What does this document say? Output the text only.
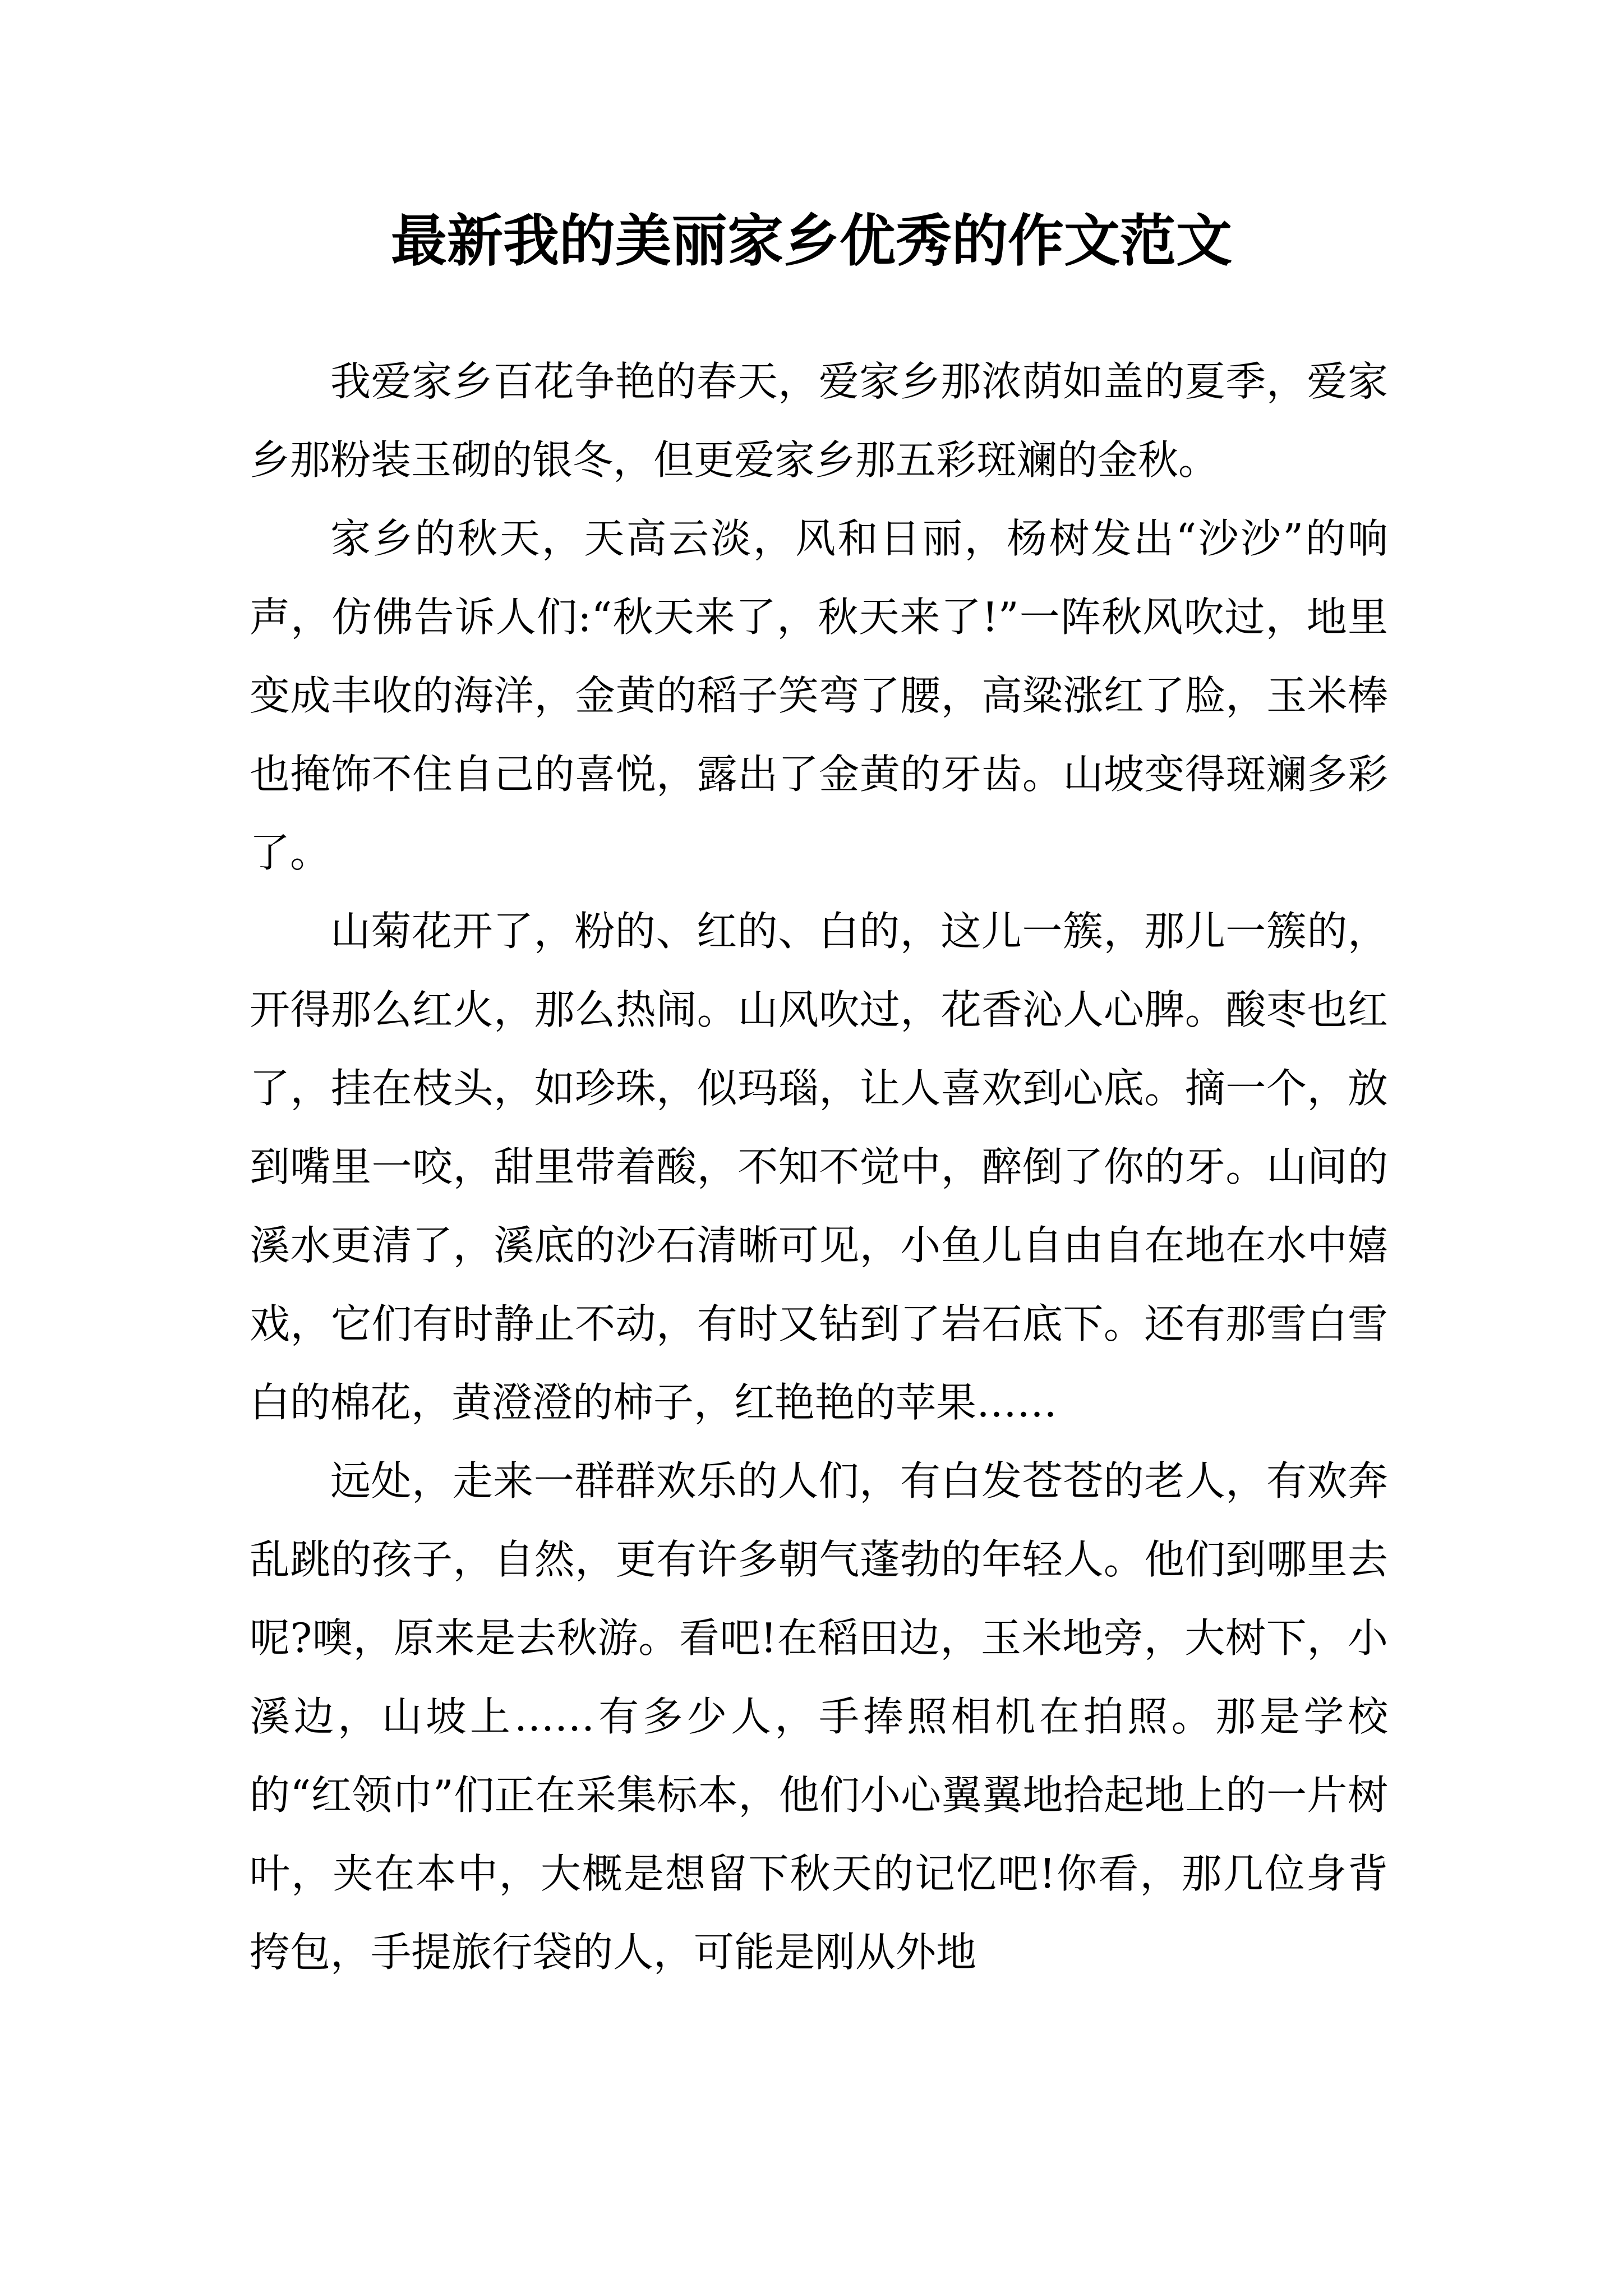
最新我的美丽家乡优秀的作文范文

我爱家乡百花争艳的春天，爱家乡那浓荫如盖的夏季，爱家乡那粉装玉砌的银冬，但更爱家乡那五彩斑斓的金秋。

家乡的秋天，天高云淡，风和日丽，杨树发出“沙沙”的响声，仿佛告诉人们:“秋天来了，秋天来了!”一阵秋风吹过，地里变成丰收的海洋，金黄的稻子笑弯了腰，高粱涨红了脸，玉米棒也掩饰不住自己的喜悦，露出了金黄的牙齿。山坡变得斑斓多彩了。

山菊花开了，粉的、红的、白的，这儿一簇，那儿一簇的，开得那么红火，那么热闹。山风吹过，花香沁人心脾。酸枣也红了，挂在枝头，如珍珠，似玛瑙，让人喜欢到心底。摘一个，放到嘴里一咬，甜里带着酸，不知不觉中，醉倒了你的牙。山间的溪水更清了，溪底的沙石清晰可见，小鱼儿自由自在地在水中嬉戏，它们有时静止不动，有时又钻到了岩石底下。还有那雪白雪白的棉花，黄澄澄的柿子，红艳艳的苹果……

远处，走来一群群欢乐的人们，有白发苍苍的老人，有欢奔乱跳的孩子，自然，更有许多朝气蓬勃的年轻人。他们到哪里去呢?噢，原来是去秋游。看吧!在稻田边，玉米地旁，大树下，小溪边，山坡上……有多少人，手捧照相机在拍照。那是学校的“红领巾”们正在采集标本，他们小心翼翼地拾起地上的一片树叶，夹在本中，大概是想留下秋天的记忆吧!你看，那几位身背挎包，手提旅行袋的人，可能是刚从外地
